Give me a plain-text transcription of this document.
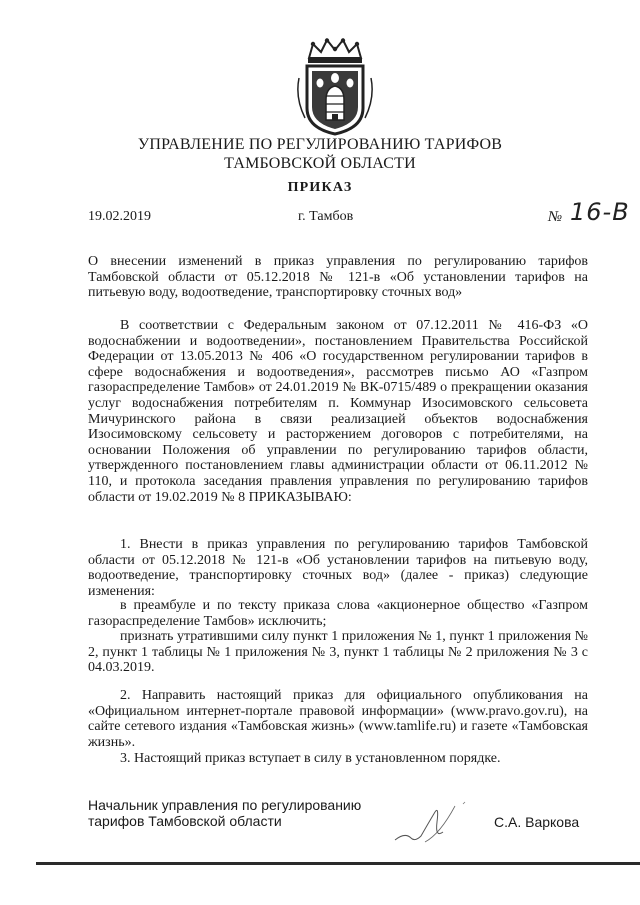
УПРАВЛЕНИЕ ПО РЕГУЛИРОВАНИЮ ТАРИФОВ
ТАМБОВСКОЙ ОБЛАСТИ
ПРИКАЗ
19.02.2019	г. Тамбов	№ 16-В
О внесении изменений в приказ управления по регулированию тарифов Тамбовской области от 05.12.2018 № 121-в «Об установлении тарифов на питьевую воду, водоотведение, транспортировку сточных вод»
В соответствии с Федеральным законом от 07.12.2011 № 416-ФЗ «О водоснабжении и водоотведении», постановлением Правительства Российской Федерации от 13.05.2013 № 406 «О государственном регулировании тарифов в сфере водоснабжения и водоотведения», рассмотрев письмо АО «Газпром газораспределение Тамбов» от 24.01.2019 № ВК-0715/489 о прекращении оказания услуг водоснабжения потребителям п. Коммунар Изосимовского сельсовета Мичуринского района в связи реализацией объектов водоснабжения Изосимовскому сельсовету и расторжением договоров с потребителями, на основании Положения об управлении по регулированию тарифов области, утвержденного постановлением главы администрации области от 06.11.2012 № 110, и протокола заседания правления управления по регулированию тарифов области от 19.02.2019 № 8 ПРИКАЗЫВАЮ:
1. Внести в приказ управления по регулированию тарифов Тамбовской области от 05.12.2018 № 121-в «Об установлении тарифов на питьевую воду, водоотведение, транспортировку сточных вод» (далее - приказ) следующие изменения:
в преамбуле и по тексту приказа слова «акционерное общество «Газпром газораспределение Тамбов» исключить;
признать утратившими силу пункт 1 приложения № 1, пункт 1 приложения № 2, пункт 1 таблицы № 1 приложения № 3, пункт 1 таблицы № 2 приложения № 3 с 04.03.2019.
2. Направить настоящий приказ для официального опубликования на «Официальном интернет-портале правовой информации» (www.pravo.gov.ru), на сайте сетевого издания «Тамбовская жизнь» (www.tamlife.ru) и газете «Тамбовская жизнь».
3. Настоящий приказ вступает в силу в установленном порядке.
Начальник управления по регулированию
тарифов Тамбовской области	С.А. Варкова
